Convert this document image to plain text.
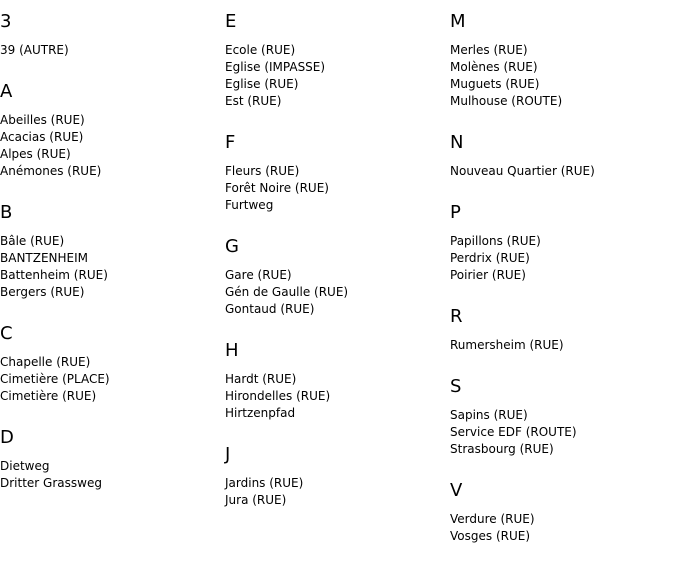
3
39 (AUTRE)
A
Abeilles (RUE)
Acacias (RUE)
Alpes (RUE)
Anémones (RUE)
B
Bâle (RUE)
BANTZENHEIM
Battenheim (RUE)
Bergers (RUE)
C
Chapelle (RUE)
Cimetière (PLACE)
Cimetière (RUE)
D
Dietweg
Dritter Grassweg
E
Ecole (RUE)
Eglise (IMPASSE)
Eglise (RUE)
Est (RUE)
F
Fleurs (RUE)
Forêt Noire (RUE)
Furtweg
G
Gare (RUE)
Gén de Gaulle (RUE)
Gontaud (RUE)
H
Hardt (RUE)
Hirondelles (RUE)
Hirtzenpfad
J
Jardins (RUE)
Jura (RUE)
M
Merles (RUE)
Molènes (RUE)
Muguets (RUE)
Mulhouse (ROUTE)
N
Nouveau Quartier (RUE)
P
Papillons (RUE)
Perdrix (RUE)
Poirier (RUE)
R
Rumersheim (RUE)
S
Sapins (RUE)
Service EDF (ROUTE)
Strasbourg (RUE)
V
Verdure (RUE)
Vosges (RUE)
